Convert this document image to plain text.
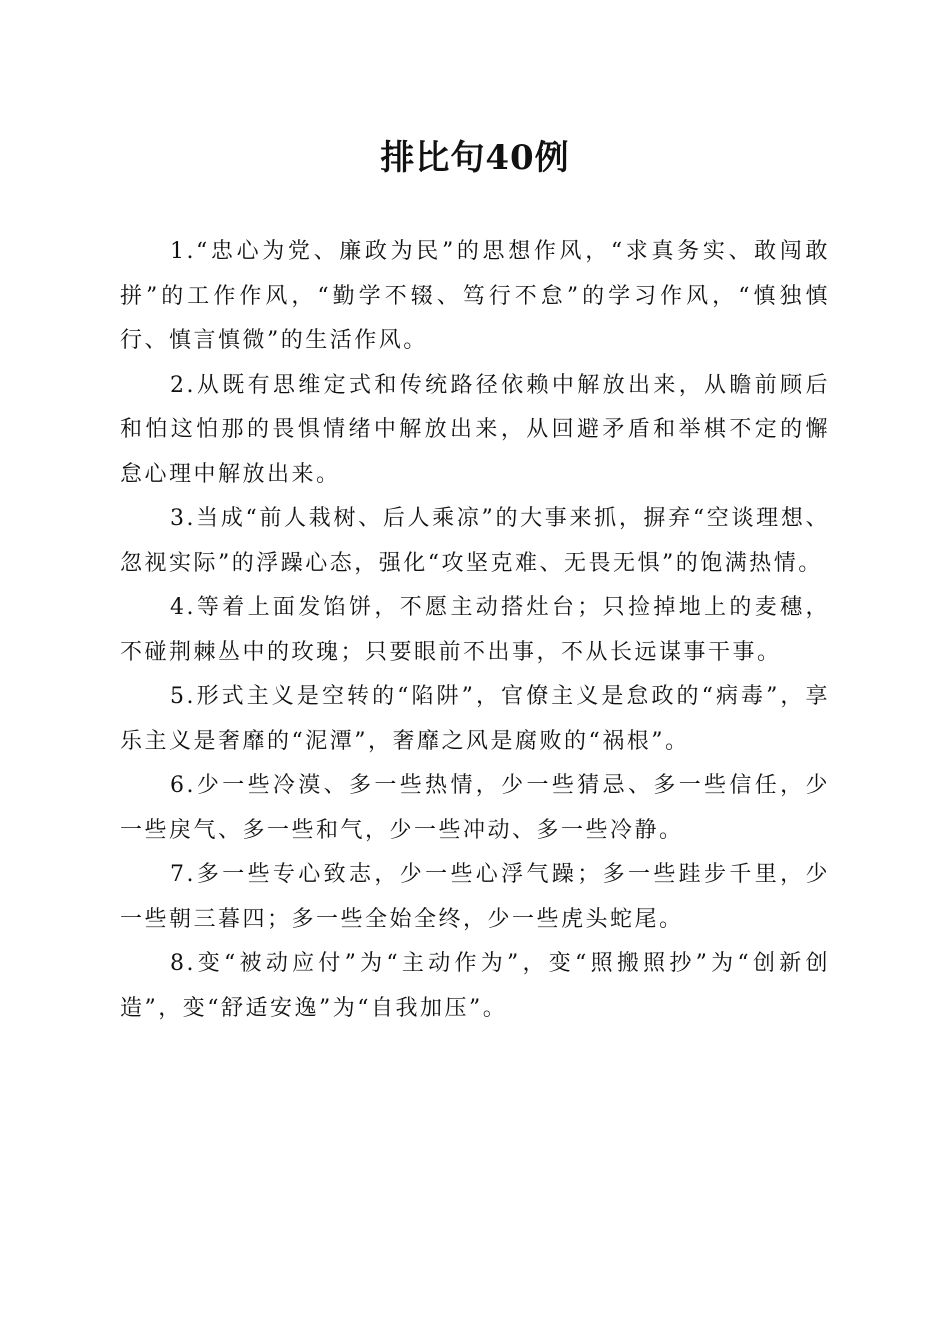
排比句40例

1.“忠心为党、廉政为民”的思想作风，“求真务实、敢闯敢拼”的工作作风，“勤学不辍、笃行不怠”的学习作风，“慎独慎行、慎言慎微”的生活作风。

2.从既有思维定式和传统路径依赖中解放出来，从瞻前顾后和怕这怕那的畏惧情绪中解放出来，从回避矛盾和举棋不定的懈怠心理中解放出来。

3.当成“前人栽树、后人乘凉”的大事来抓，摒弃“空谈理想、忽视实际”的浮躁心态，强化“攻坚克难、无畏无惧”的饱满热情。

4.等着上面发馅饼，不愿主动搭灶台；只捡掉地上的麦穗，不碰荆棘丛中的玫瑰；只要眼前不出事，不从长远谋事干事。

5.形式主义是空转的“陷阱”，官僚主义是怠政的“病毒”，享乐主义是奢靡的“泥潭”，奢靡之风是腐败的“祸根”。

6.少一些冷漠、多一些热情，少一些猜忌、多一些信任，少一些戾气、多一些和气，少一些冲动、多一些冷静。

7.多一些专心致志，少一些心浮气躁；多一些跬步千里，少一些朝三暮四；多一些全始全终，少一些虎头蛇尾。

8.变“被动应付”为“主动作为”，变“照搬照抄”为“创新创造”，变“舒适安逸”为“自我加压”。
